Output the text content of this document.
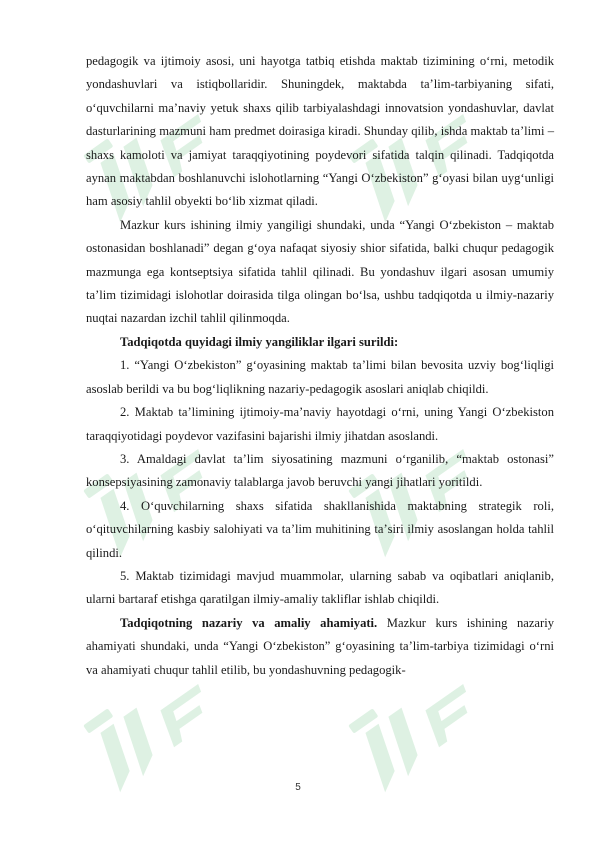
pedagogik va ijtimoiy asosi, uni hayotga tatbiq etishda maktab tizimining oʻrni, metodik yondashuvlari va istiqbollaridir. Shuningdek, maktabda taʼlim-tarbiyaning sifati, oʻquvchilarni maʼnaviy yetuk shaxs qilib tarbiyalashdagi innovatsion yondashuvlar, davlat dasturlarining mazmuni ham predmet doirasiga kiradi. Shunday qilib, ishda maktab taʼlimi – shaxs kamoloti va jamiyat taraqqiyotining poydevori sifatida talqin qilinadi. Tadqiqotda aynan maktabdan boshlanuvchi islohotlarning “Yangi Oʻzbekiston” gʻoyasi bilan uygʻunligi ham asosiy tahlil obyekti boʻlib xizmat qiladi.

Mazkur kurs ishining ilmiy yangiligi shundaki, unda “Yangi Oʻzbekiston – maktab ostonasidan boshlanadi” degan gʻoya nafaqat siyosiy shior sifatida, balki chuqur pedagogik mazmunga ega kontseptsiya sifatida tahlil qilinadi. Bu yondashuv ilgari asosan umumiy taʼlim tizimidagi islohotlar doirasida tilga olingan boʻlsa, ushbu tadqiqotda u ilmiy-nazariy nuqtai nazardan izchil tahlil qilinmoqda.

Tadqiqotda quyidagi ilmiy yangiliklar ilgari surildi:

1. “Yangi Oʻzbekiston” gʻoyasining maktab taʼlimi bilan bevosita uzviy bogʻliqligi asoslab berildi va bu bogʻliqlikning nazariy-pedagogik asoslari aniqlab chiqildi.

2. Maktab taʼlimining ijtimoiy-maʼnaviy hayotdagi oʻrni, uning Yangi Oʻzbekiston taraqqiyotidagi poydevor vazifasini bajarishi ilmiy jihatdan asoslandi.

3. Amaldagi davlat taʼlim siyosatining mazmuni oʻrganilib, “maktab ostonasi” konsepsiyasining zamonaviy talablarga javob beruvchi yangi jihatlari yoritildi.

4. Oʻquvchilarning shaxs sifatida shakllanishida maktabning strategik roli, oʻqituvchilarning kasbiy salohiyati va taʼlim muhitining taʼsiri ilmiy asoslangan holda tahlil qilindi.

5. Maktab tizimidagi mavjud muammolar, ularning sabab va oqibatlari aniqlanib, ularni bartaraf etishga qaratilgan ilmiy-amaliy takliflar ishlab chiqildi.

Tadqiqotning nazariy va amaliy ahamiyati. Mazkur kurs ishining nazariy ahamiyati shundaki, unda “Yangi Oʻzbekiston” gʻoyasining taʼlim-tarbiya tizimidagi oʻrni va ahamiyati chuqur tahlil etilib, bu yondashuvning pedagogik-

5
